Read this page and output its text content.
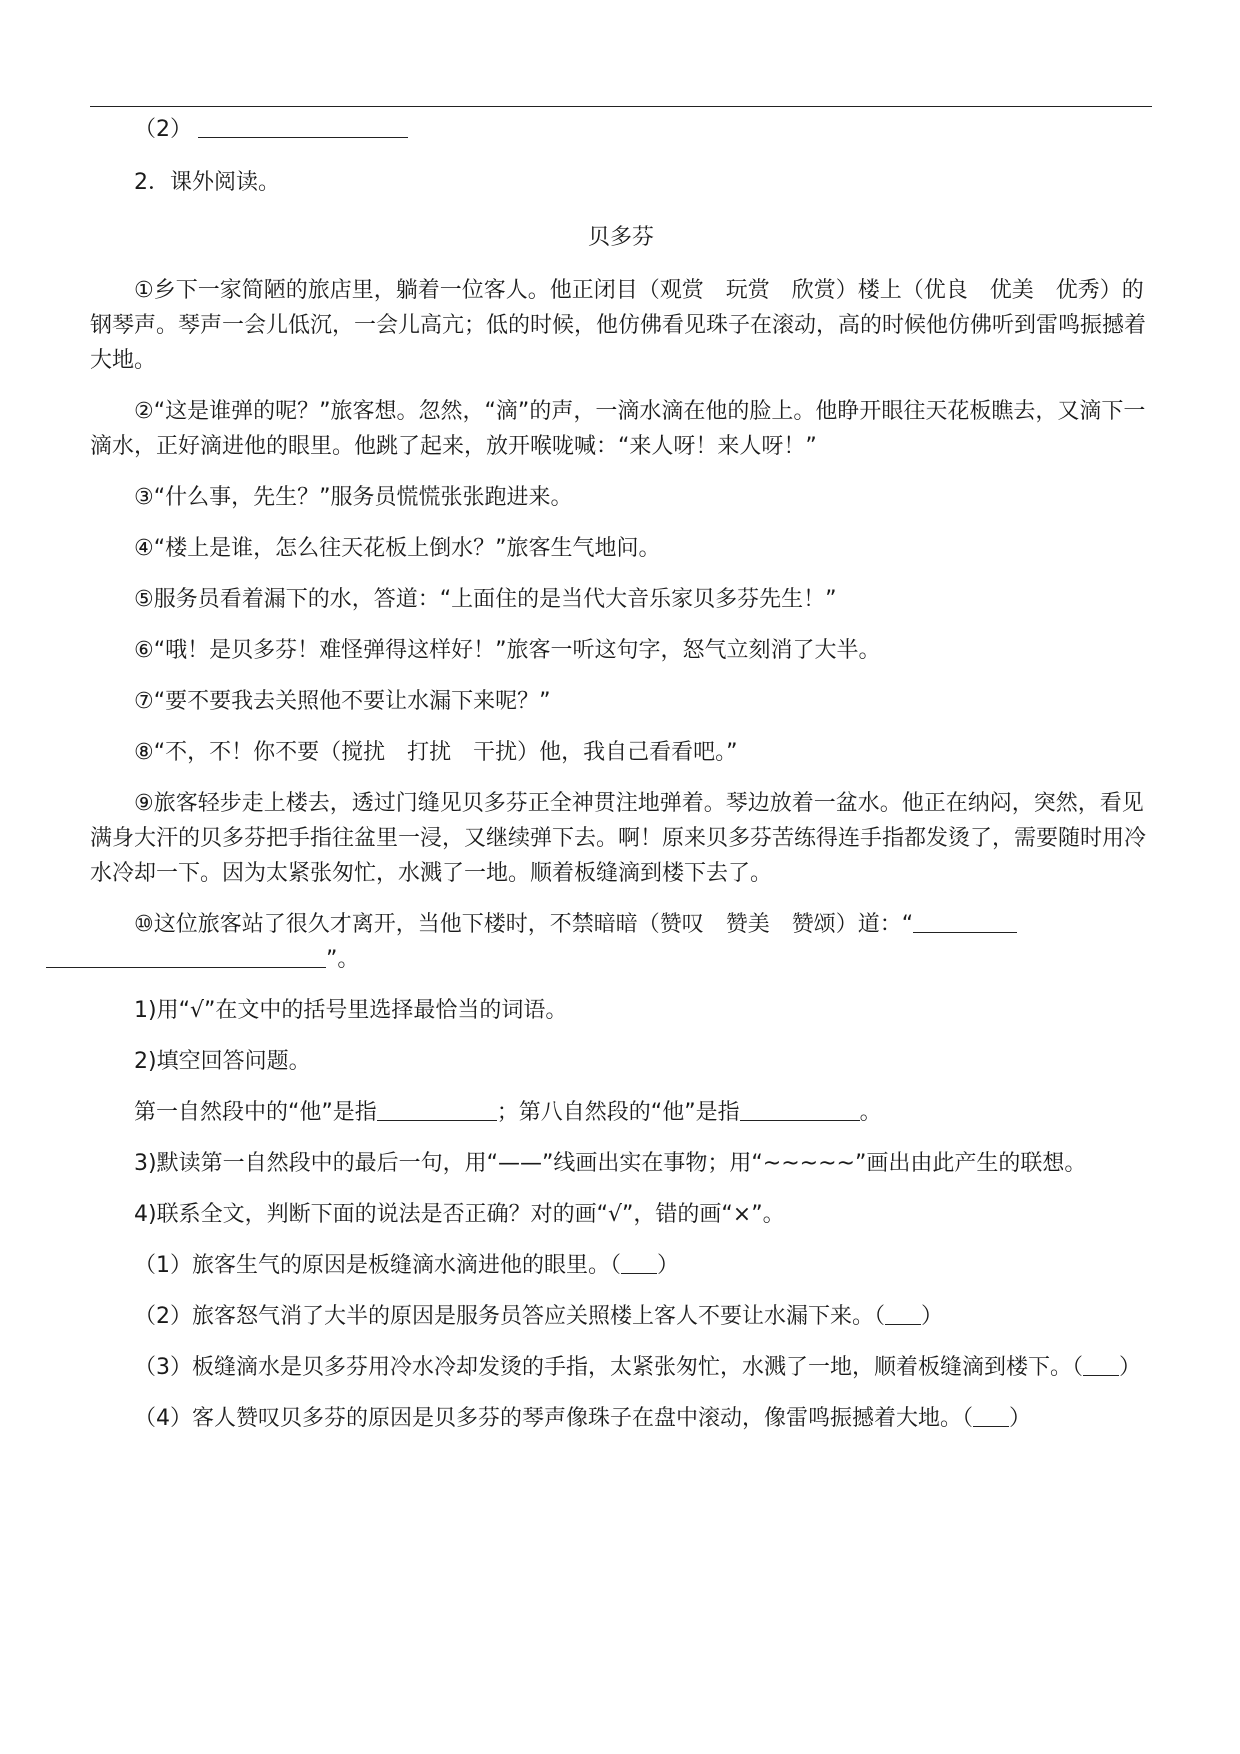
（2）

2．课外阅读。

贝多芬

①乡下一家简陋的旅店里，躺着一位客人。他正闭目（观赏　玩赏　欣赏）楼上（优良　优美　优秀）的钢琴声。琴声一会儿低沉，一会儿高亢；低的时候，他仿佛看见珠子在滚动，高的时候他仿佛听到雷鸣振撼着大地。

②“这是谁弹的呢？”旅客想。忽然，“滴”的声，一滴水滴在他的脸上。他睁开眼往天花板瞧去，又滴下一滴水，正好滴进他的眼里。他跳了起来，放开喉咙喊：“来人呀！来人呀！”

③“什么事，先生？”服务员慌慌张张跑进来。

④“楼上是谁，怎么往天花板上倒水？”旅客生气地问。

⑤服务员看着漏下的水，答道：“上面住的是当代大音乐家贝多芬先生！”

⑥“哦！是贝多芬！难怪弹得这样好！”旅客一听这句字，怒气立刻消了大半。

⑦“要不要我去关照他不要让水漏下来呢？”

⑧“不，不！你不要（搅扰　打扰　干扰）他，我自己看看吧。”

⑨旅客轻步走上楼去，透过门缝见贝多芬正全神贯注地弹着。琴边放着一盆水。他正在纳闷，突然，看见满身大汗的贝多芬把手指往盆里一浸，又继续弹下去。啊！原来贝多芬苦练得连手指都发烫了，需要随时用冷水冷却一下。因为太紧张匆忙，水溅了一地。顺着板缝滴到楼下去了。

⑩这位旅客站了很久才离开，当他下楼时，不禁暗暗（赞叹　赞美　赞颂）道：“
”。

1)用“√”在文中的括号里选择最恰当的词语。

2)填空回答问题。

第一自然段中的“他”是指	；第八自然段的“他”是指	。

3)默读第一自然段中的最后一句，用“——”线画出实在事物；用“~~~~~”画出由此产生的联想。

4)联系全文，判断下面的说法是否正确？对的画“√”，错的画“×”。

（1）旅客生气的原因是板缝滴水滴进他的眼里。（ ）

（2）旅客怒气消了大半的原因是服务员答应关照楼上客人不要让水漏下来。（ ）

（3）板缝滴水是贝多芬用冷水冷却发烫的手指，太紧张匆忙，水溅了一地，顺着板缝滴到楼下。（ ）

（4）客人赞叹贝多芬的原因是贝多芬的琴声像珠子在盘中滚动，像雷鸣振撼着大地。（ ）
